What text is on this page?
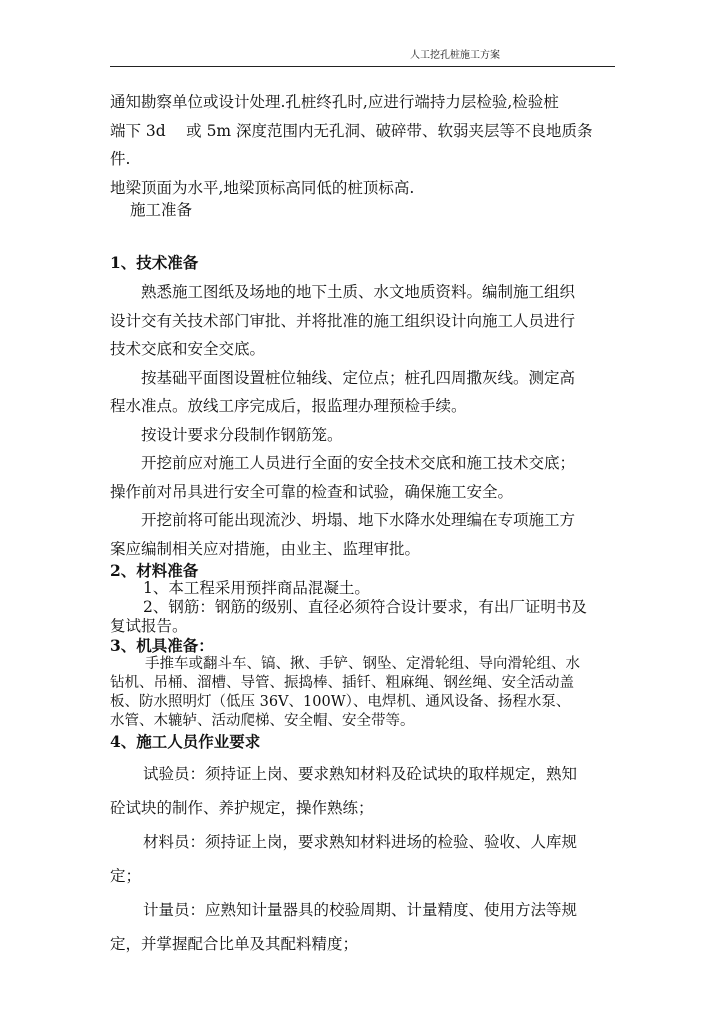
人工挖孔桩施工方案
通知勘察单位或设计处理.孔桩终孔时,应进行端持力层检验,检验桩
端下 3d　 或 5m 深度范围内无孔洞、破碎带、软弱夹层等不良地质条
件.
地梁顶面为水平,地梁顶标高同低的桩顶标高.
施工准备
1、技术准备
熟悉施工图纸及场地的地下土质、水文地质资料。编制施工组织
设计交有关技术部门审批、并将批准的施工组织设计向施工人员进行
技术交底和安全交底。
按基础平面图设置桩位轴线、定位点；桩孔四周撒灰线。测定高
程水准点。放线工序完成后，报监理办理预检手续。
按设计要求分段制作钢筋笼。
开挖前应对施工人员进行全面的安全技术交底和施工技术交底；
操作前对吊具进行安全可靠的检查和试验，确保施工安全。
开挖前将可能出现流沙、坍塌、地下水降水处理编在专项施工方
案应编制相关应对措施，由业主、监理审批。
2、材料准备
1、本工程采用预拌商品混凝土。
2、钢筋：钢筋的级别、直径必须符合设计要求，有出厂证明书及
复试报告。
3、机具准备：
手推车或翻斗车、镐、揪、手铲、钢坠、定滑轮组、导向滑轮组、水
钻机、吊桶、溜槽、导管、振捣棒、插钎、粗麻绳、钢丝绳、安全活动盖
板、防水照明灯（低压 36V、100W）、电焊机、通风设备、扬程水泵、
水管、木辘轳、活动爬梯、安全帽、安全带等。
4、施工人员作业要求
试验员：须持证上岗、要求熟知材料及砼试块的取样规定，熟知
砼试块的制作、养护规定，操作熟练；
材料员：须持证上岗，要求熟知材料进场的检验、验收、人库规
定；
计量员：应熟知计量器具的校验周期、计量精度、使用方法等规
定，并掌握配合比单及其配料精度；
